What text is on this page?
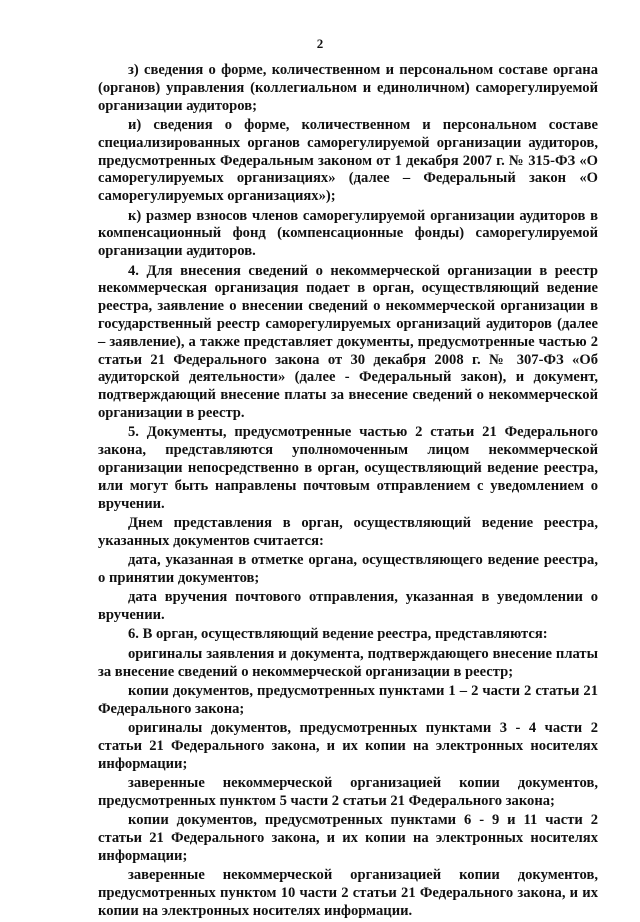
2

з) сведения о форме, количественном и персональном составе органа (органов) управления (коллегиальном и единоличном) саморегулируемой организации аудиторов;

и) сведения о форме, количественном и персональном составе специализированных органов саморегулируемой организации аудиторов, предусмотренных Федеральным законом от 1 декабря 2007 г. № 315-ФЗ «О саморегулируемых организациях» (далее – Федеральный закон «О саморегулируемых организациях»);

к) размер взносов членов саморегулируемой организации аудиторов в компенсационный фонд (компенсационные фонды) саморегулируемой организации аудиторов.

4. Для внесения сведений о некоммерческой организации в реестр некоммерческая организация подает в орган, осуществляющий ведение реестра, заявление о внесении сведений о некоммерческой организации в государственный реестр саморегулируемых организаций аудиторов (далее – заявление), а также представляет документы, предусмотренные частью 2 статьи 21 Федерального закона от 30 декабря 2008 г. № 307-ФЗ «Об аудиторской деятельности» (далее - Федеральный закон), и документ, подтверждающий внесение платы за внесение сведений о некоммерческой организации в реестр.

5. Документы, предусмотренные частью 2 статьи 21 Федерального закона, представляются уполномоченным лицом некоммерческой организации непосредственно в орган, осуществляющий ведение реестра, или могут быть направлены почтовым отправлением с уведомлением о вручении.

Днем представления в орган, осуществляющий ведение реестра, указанных документов считается:

дата, указанная в отметке органа, осуществляющего ведение реестра, о принятии документов;

дата вручения почтового отправления, указанная в уведомлении о вручении.

6. В орган, осуществляющий ведение реестра, представляются:

оригиналы заявления и документа, подтверждающего внесение платы за внесение сведений о некоммерческой организации в реестр;

копии документов, предусмотренных пунктами 1 – 2 части 2 статьи 21 Федерального закона;

оригиналы документов, предусмотренных пунктами 3 - 4 части 2 статьи 21 Федерального закона, и их копии на электронных носителях информации;

заверенные некоммерческой организацией копии документов, предусмотренных пунктом 5 части 2 статьи 21 Федерального закона;

копии документов, предусмотренных пунктами 6 - 9 и 11 части 2 статьи 21 Федерального закона, и их копии на электронных носителях информации;

заверенные некоммерческой организацией копии документов, предусмотренных пунктом 10 части 2 статьи 21 Федерального закона, и их копии на электронных носителях информации.
